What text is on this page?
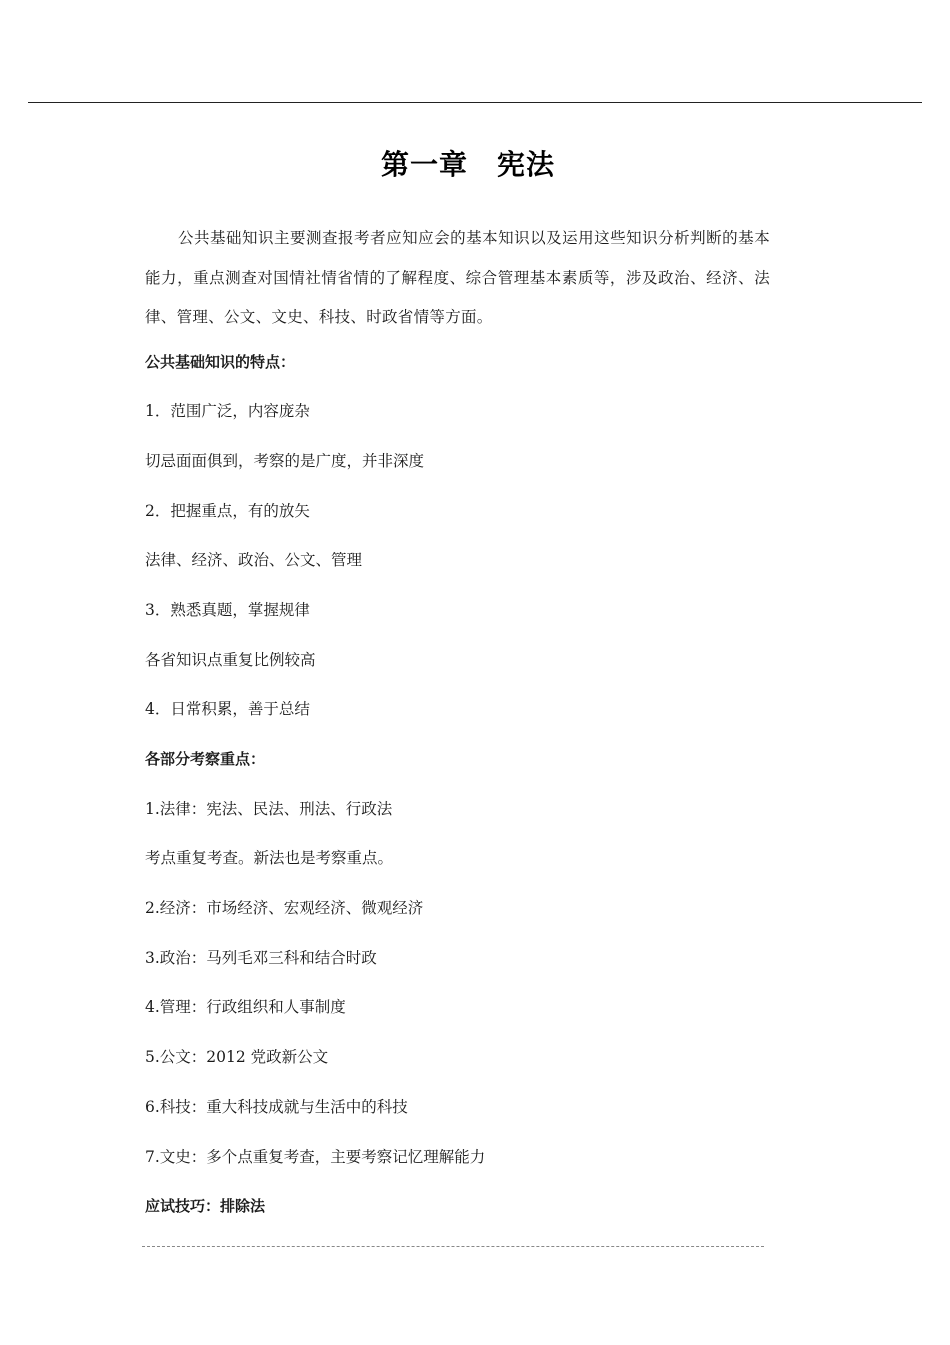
第一章　宪法

公共基础知识主要测查报考者应知应会的基本知识以及运用这些知识分析判断的基本能力，重点测查对国情社情省情的了解程度、综合管理基本素质等，涉及政治、经济、法律、管理、公文、文史、科技、时政省情等方面。

公共基础知识的特点：

1．范围广泛，内容庞杂

切忌面面俱到，考察的是广度，并非深度

2．把握重点，有的放矢

法律、经济、政治、公文、管理

3．熟悉真题，掌握规律

各省知识点重复比例较高

4．日常积累，善于总结

各部分考察重点：

1.法律：宪法、民法、刑法、行政法

考点重复考查。新法也是考察重点。

2.经济：市场经济、宏观经济、微观经济

3.政治：马列毛邓三科和结合时政

4.管理：行政组织和人事制度

5.公文：2012 党政新公文

6.科技：重大科技成就与生活中的科技

7.文史：多个点重复考查，主要考察记忆理解能力

应试技巧：排除法
